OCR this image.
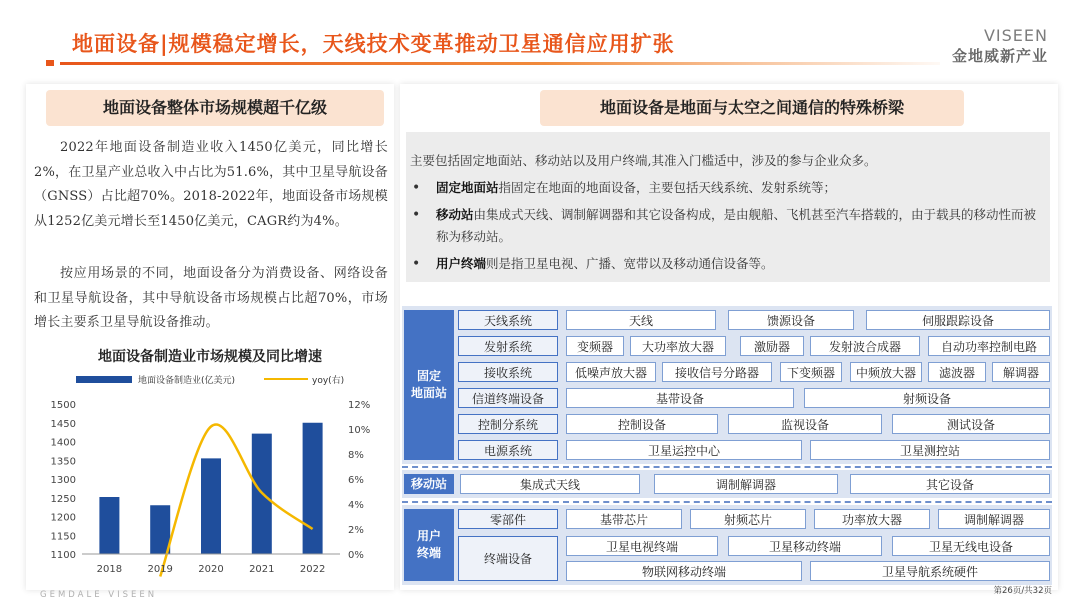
地面设备|规模稳定增长，天线技术变革推动卫星通信应用扩张	VISEEN
金地威新产业
地面设备整体市场规模超千亿级
2022年地面设备制造业收入1450亿美元，同比增长2%，在卫星产业总收入中占比为51.6%，其中卫星导航设备（GNSS）占比超70%。2018-2022年，地面设备市场规模从1252亿美元增长至1450亿美元，CAGR约为4%。
按应用场景的不同，地面设备分为消费设备、网络设备和卫星导航设备，其中导航设备市场规模占比超70%，市场增长主要系卫星导航设备推动。
地面设备制造业市场规模及同比增速
地面设备制造业(亿美元)	yoy(右)
1100
1150
1200
1250
1300
1350
1400
1450
1500
0%
2%
4%
6%
8%
10%
12%
2018	2019	2020	2021	2022
地面设备是地面与太空之间通信的特殊桥梁
主要包括固定地面站、移动站以及用户终端,其准入门槛适中，涉及的参与企业众多。
• 固定地面站指固定在地面的地面设备，主要包括天线系统、发射系统等；
• 移动站由集成式天线、调制解调器和其它设备构成，是由舰船、飞机甚至汽车搭载的，由于载具的移动性而被称为移动站。
• 用户终端则是指卫星电视、广播、宽带以及移动通信设备等。
固定
地面站
天线系统	天线	馈源设备	伺服跟踪设备
发射系统	变频器	大功率放大器	激励器	发射波合成器	自动功率控制电路
接收系统	低噪声放大器	接收信号分路器	下变频器	中频放大器	滤波器	解调器
信道终端设备	基带设备	射频设备
控制分系统	控制设备	监视设备	测试设备
电源系统	卫星运控中心	卫星测控站
移动站	集成式天线	调制解调器	其它设备
用户
终端
零部件	基带芯片	射频芯片	功率放大器	调制解调器
终端设备
卫星电视终端	卫星移动终端	卫星无线电设备
物联网移动终端	卫星导航系统硬件
第26页/共32页
GEMDALE VISEEN
